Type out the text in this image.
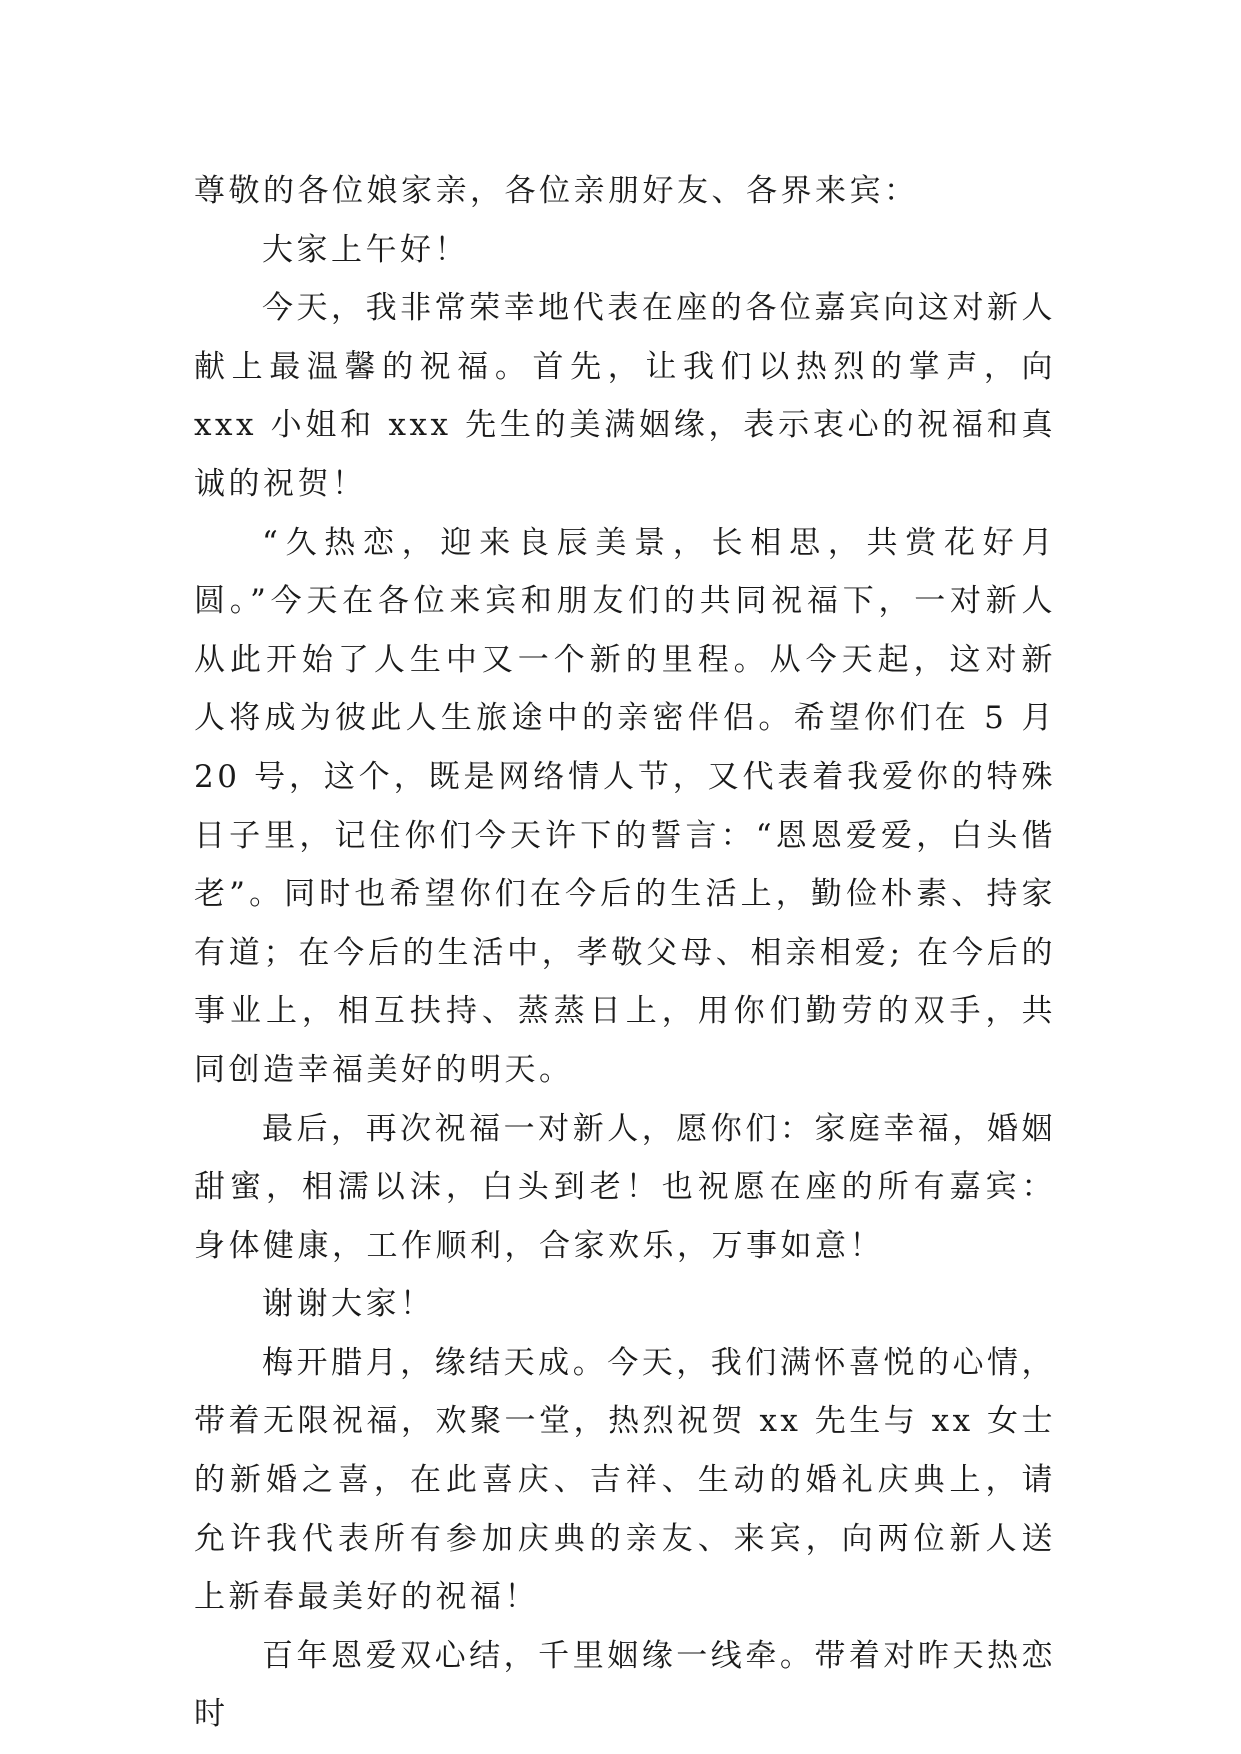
尊敬的各位娘家亲，各位亲朋好友、各界来宾：

大家上午好！

今天，我非常荣幸地代表在座的各位嘉宾向这对新人献上最温馨的祝福。首先，让我们以热烈的掌声，向 xxx 小姐和 xxx 先生的美满姻缘，表示衷心的祝福和真诚的祝贺！

“久热恋，迎来良辰美景，长相思，共赏花好月圆。”今天在各位来宾和朋友们的共同祝福下，一对新人从此开始了人生中又一个新的里程。从今天起，这对新人将成为彼此人生旅途中的亲密伴侣。希望你们在 5 月 20 号，这个，既是网络情人节，又代表着我爱你的特殊日子里，记住你们今天许下的誓言：“恩恩爱爱，白头偕老”。同时也希望你们在今后的生活上，勤俭朴素、持家有道；在今后的生活中，孝敬父母、相亲相爱; 在今后的事业上，相互扶持、蒸蒸日上，用你们勤劳的双手，共同创造幸福美好的明天。

最后，再次祝福一对新人，愿你们：家庭幸福，婚姻甜蜜，相濡以沫，白头到老！也祝愿在座的所有嘉宾：身体健康，工作顺利，合家欢乐，万事如意！

谢谢大家！

梅开腊月，缘结天成。今天，我们满怀喜悦的心情，带着无限祝福，欢聚一堂，热烈祝贺 xx 先生与 xx 女士的新婚之喜，在此喜庆、吉祥、生动的婚礼庆典上，请允许我代表所有参加庆典的亲友、来宾，向两位新人送上新春最美好的祝福！

百年恩爱双心结，千里姻缘一线牵。带着对昨天热恋时
